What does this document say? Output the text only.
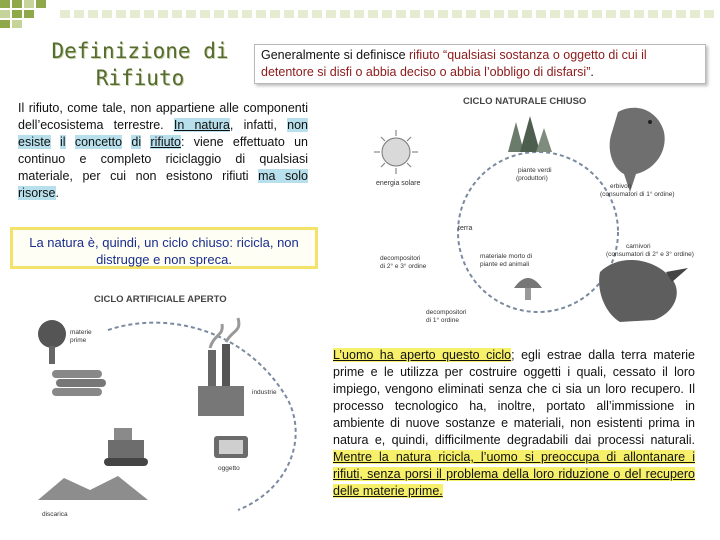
Definizione di
Rifiuto
Generalmente si definisce rifiuto “qualsiasi sostanza o oggetto di cui il detentore si disfi o abbia deciso o abbia l’obbligo di disfarsi”.
Il rifiuto, come tale, non appartiene alle componenti dell’ecosistema terrestre. In natura, infatti, non esiste il concetto di rifiuto: viene effettuato un continuo e completo riciclaggio di qualsiasi materiale, per cui non esistono rifiuti ma solo risorse.
La natura è, quindi, un ciclo chiuso: ricicla, non distrugge e non spreca.
CICLO NATURALE CHIUSO
energia solare
piante verdi
(produttori)
erbivori
(consumatori di 1° ordine)
terra
decompositori
di 2° e 3° ordine
materiale morto di
piante ed animali
carnivori
(consumatori di 2° e 3° ordine)
decompositori
di 1° ordine
CICLO ARTIFICIALE APERTO
materie
prime
industrie
discarica
oggetto
L’uomo ha aperto questo ciclo; egli estrae dalla terra materie prime e le utilizza per costruire oggetti i quali, cessato il loro impiego, vengono eliminati senza che ci sia un loro recupero. Il processo tecnologico ha, inoltre, portato all’immissione in ambiente di nuove sostanze e materiali, non esistenti prima in natura e, quindi, difficilmente degradabili dai processi naturali. Mentre la natura ricicla, l’uomo si preoccupa di allontanare i rifiuti, senza porsi il problema della loro riduzione o del recupero delle materie prime.
